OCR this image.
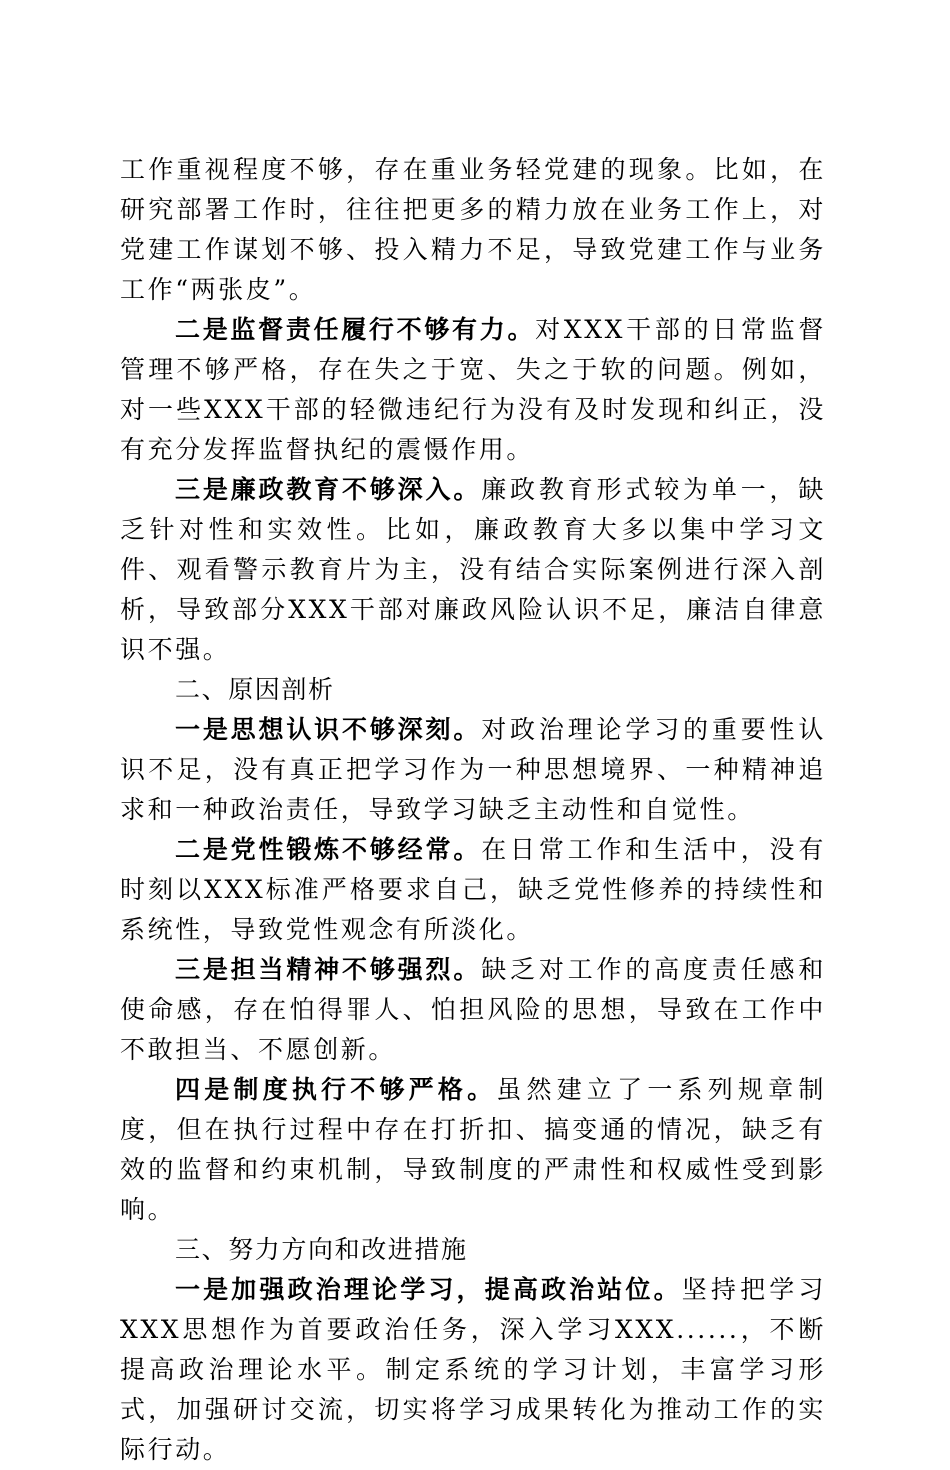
工作重视程度不够，存在重业务轻党建的现象。比如，在研究部署工作时，往往把更多的精力放在业务工作上，对党建工作谋划不够、投入精力不足，导致党建工作与业务工作“两张皮”。

二是监督责任履行不够有力。对XXX干部的日常监督管理不够严格，存在失之于宽、失之于软的问题。例如，对一些XXX干部的轻微违纪行为没有及时发现和纠正，没有充分发挥监督执纪的震慑作用。

三是廉政教育不够深入。廉政教育形式较为单一，缺乏针对性和实效性。比如，廉政教育大多以集中学习文件、观看警示教育片为主，没有结合实际案例进行深入剖析，导致部分XXX干部对廉政风险认识不足，廉洁自律意识不强。

二、原因剖析

一是思想认识不够深刻。对政治理论学习的重要性认识不足，没有真正把学习作为一种思想境界、一种精神追求和一种政治责任，导致学习缺乏主动性和自觉性。

二是党性锻炼不够经常。在日常工作和生活中，没有时刻以XXX标准严格要求自己，缺乏党性修养的持续性和系统性，导致党性观念有所淡化。

三是担当精神不够强烈。缺乏对工作的高度责任感和使命感，存在怕得罪人、怕担风险的思想，导致在工作中不敢担当、不愿创新。

四是制度执行不够严格。虽然建立了一系列规章制度，但在执行过程中存在打折扣、搞变通的情况，缺乏有效的监督和约束机制，导致制度的严肃性和权威性受到影响。

三、努力方向和改进措施

一是加强政治理论学习，提高政治站位。坚持把学习XXX思想作为首要政治任务，深入学习XXX......，不断提高政治理论水平。制定系统的学习计划，丰富学习形式，加强研讨交流，切实将学习成果转化为推动工作的实际行动。
